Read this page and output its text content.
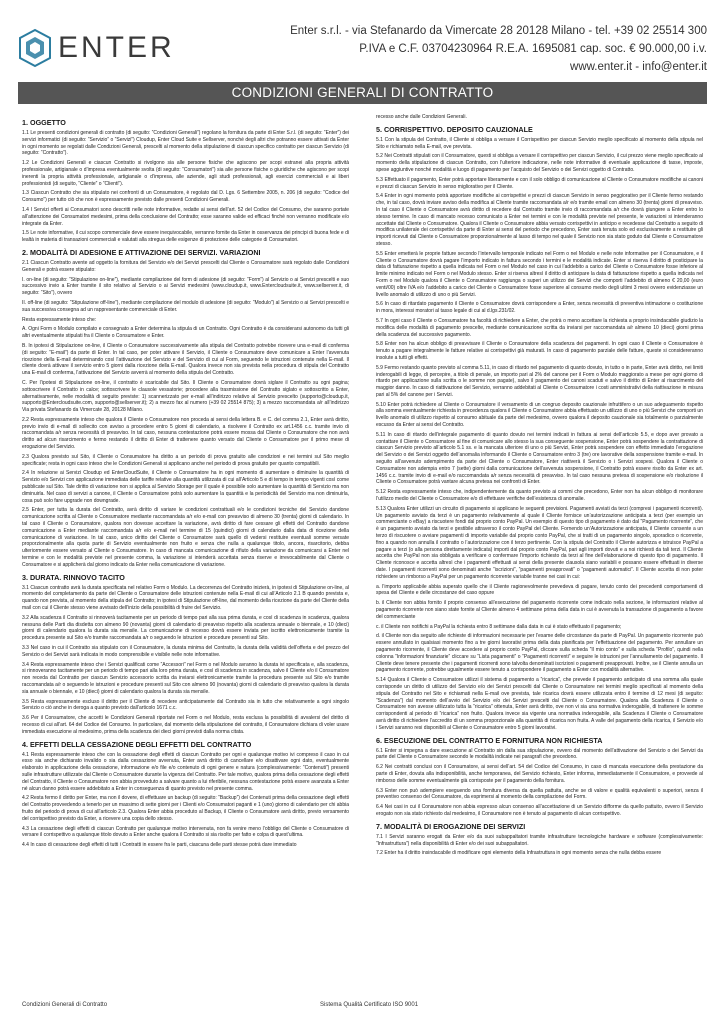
ENTER	Enter s.r.l. - via Stefanardo da Vimercate 28 20128 Milano - tel. +39 02 25514 300
P.IVA e C.F. 03704230964 R.E.A. 1695081 cap. soc. € 90.000,00 i.v.
www.enter.it - info@enter.it
CONDIZIONI GENERALI DI CONTRATTO
1. OGGETTO
1.1 Le presenti condizioni generali di contratto (di seguito: “Condizioni Generali”) regolano la fornitura da parte di Enter S.r.l. (di seguito: “Enter”) dei servizi informatici (di seguito: “Servizio” o “Servizi”) Cloudup, Enter Cloud Suite e Sellserver, nonché degli altri che potranno essere attivati da Enter in ogni momento se regolati dalle Condizioni Generali, prescelti al momento della stipulazione di ciascun specifico contratto per ciascun Servizio (di seguito: “Contratto”).
1.2 Le Condizioni Generali e ciascun Contratto si rivolgono sia alle persone fisiche che agiscono per scopi estranei alla propria attività professionale, artigianale o d’impresa eventualmente svolta (di seguito: “Consumatori”) sia alle persone fisiche o giuridiche che agiscono per scopi inerenti la propria attività professionale, artigianale o d’impresa, alle aziende, agli studi professionali, agli esercizi commerciali e ai liberi professionisti (di seguito, “Cliente” o “Clienti”).
1.3 Ciascun Contratto che sia stipulato nei confronti di un Consumatore, è regolato dal D. Lgs. 6 Settembre 2005, n. 206 (di seguito: “Codice del Consumo”) per tutto ciò che non è espressamente previsto dalle presenti Condizioni Generali.
1.4 I Servizi offerti ai Consumatori sono descritti nelle note informative, redatte ai sensi dell’art. 52 del Codice del Consumo, che saranno portate all’attenzione dei Consumatori medesimi, prima della conclusione del Contratto; esse saranno valide ed efficaci finché non verranno modificate e/o integrate da Enter.
1.5 Le note informative, il cui scopo commerciale deve essere inequivocabile, verranno fornite da Enter in osservanza dei principi di buona fede e di lealtà in materia di transazioni commerciali e valutati alla stregua delle esigenze di protezione delle categorie di Consumatori.
2. MODALITÀ DI ADESIONE E ATTIVAZIONE DEI SERVIZI. VARIAZIONI
2.1 Ciascun Contratto avente ad oggetto la fornitura del Servizio e/o dei Servizi prescelti dal Cliente o Consumatore sarà regolato dalle Condizioni Generali e potrà essere stipulato:
I. on-line (di seguito: “Stipulazione on-line”), mediante compilazione del form di adesione (di seguito: “Form”) al Servizio o ai Servizi prescelti e suo successivo invio a Enter tramite il sito relativo al Servizio o ai Servizi medesimi (www.cloudup.it, www.Entercloudsuite.it, www.sellserver.it, di seguito: “Sito”), ovvero
II. off-line (di seguito: “Stipulazione off-line”), mediante compilazione del modulo di adesione (di seguito: “Modulo”) al Servizio o ai Servizi prescelti e sua successiva consegna ad un rappresentante commerciale di Enter.
Resta espressamente inteso che:
A. Ogni Form o Modulo compilato e consegnato a Enter determina la stipula di un Contratto. Ogni Contratto è da considerarsi autonomo da tutti gli altri eventualmente stipulati fra il Cliente o Consumatore e Enter.
B. In ipotesi di Stipulazione on-line, il Cliente o Consumatore successivamente alla stipula del Contratto potrebbe ricevere una e-mail di conferma (di seguito: “E-mail”) da parte di Enter. In tal caso, per poter attivare il Servizio, il Cliente o Consumatore deve comunicare a Enter l’avvenuta ricezione della E-mail determinando così l’attivazione del Servizio e del Servizio di cui al Form, seguendo le istruzioni contenute nella E-mail. Il cliente dovrà attivare il servizio entro 5 giorni dalla ricezione della E-mail. Qualora invece non sia prevista nella procedura di stipula del Contratto una E-mail di conferma, l’attivazione del Servizio avverrà al momento della stipula del Contratto.
C. Per l’ipotesi di Stipulazione on-line, il contratto è scaricabile dal Sito. Il Cliente o Consumatore dovrà siglare il Contratto su ogni pagina; sottoscrivere il Contratto in calce; sottoscrivere le clausole vessatorie; procedere alla trasmissione del Contratto siglato e sottoscritto a Enter, alternativamente, nelle modalità di seguito previste: 1) scannerizzato per e-mail all’indirizzo relativo al Servizio prescelto (supporto@cloudup.it, supporto@Entercloudsuite.com, supporto@sellserver.it); 2) a mezzo fax al numero (+39 02 25514 875); 3) a mezzo raccomandata a/r all’indirizzo Via privata Stefanardo da Vimercate 28, 20128 Milano.
2.2 Resta espressamente inteso che qualora il Cliente o Consumatore non proceda ai sensi della lettera B. e C. del comma 2.1, Enter avrà diritto, previo invio di e-mail di sollecito con avviso a procedere entro 5 giorni di calendario, a risolvere il Contratto ex art.1456 c.c. tramite invio di raccomandata a/r senza necessità di preavviso. In tal caso, nessuna contestazione potrà essere mossa dal Cliente o Consumatore che non avrà diritto ad alcun risarcimento e fermo restando il diritto di Enter di trattenere quanto versato dal Cliente o Consumatore per il primo mese di erogazione del Servizio.
2.3 Qualora previsto sul Sito, il Cliente o Consumatore ha diritto a un periodo di prova gratuito alle condizioni e nei termini sul Sito meglio specificate; resta in ogni caso inteso che le Condizioni Generali si applicano anche nel periodo di prova gratuito per quanto compatibili.
2.4 In relazione ai Servizi Cloudup ed EnterCloudSuite, il Cliente o Consumatore ha in ogni momento di aumentare o diminuire la quantità di Servizio e/o Servizi con applicazione immediata delle tariffe relative alla quantità utilizzata di cui all’Articolo 5 e di tempo in tempo vigenti così come pubblicate sul Sito. Tale diritto di variazione non si applica al Servizio Storage per il quale è possibile solo aumentare la quantità di Servizio ma non diminuirla. Nel caso di servizi a canone, il Cliente o Consumatore potrà solo aumentare la quantità e la periodicità del Servizio ma non diminuirla, cosa può solo fare upgrade non downgrade.
2.5 Enter, per tutta la durata del Contratto, avrà diritto di variare le condizioni contrattuali e/o le condizioni tecniche del Servizio dandone comunicazione scritta al Cliente o Consumatore mediante raccomandata a/r e/o e-mail con preavviso di almeno 30 (trenta) giorni di calendario. In tal caso il Cliente o Consumatore, qualora non dovesse accettare la variazione, avrà diritto di fare cessare gli effetti del Contratto dandone comunicazione a Enter mediante raccomandata a/r e/o e-mail nel termine di 15 (quindici) giorni di calendario dalla data di ricezione della comunicazione di variazione. In tal caso, unico diritto del Cliente o Consumatore sarà quello di vedersi restituire eventuali somme versate proporzionalmente alla quota parte di Servizio eventualmente non fruito e senza che nulla a qualunque titolo, ancora, risarcitorio, debba ulteriormente essere versato al Cliente o Consumatore. In caso di mancata comunicazione di rifiuto della variazione da comunicarsi a Enter nel termine e con le modalità previste nel presente comma, la variazione si intenderà accettata senza riserve e irrevocabilmente dal Cliente o Consumatore e si applicherà dal giorno indicato da Enter nella comunicazione di variazione.
3. DURATA. RINNOVO TACITO
3.1 Ciascun contratto avrà la durata specificata nel relativo Form o Modulo. La decorrenza del Contratto inizierà, in ipotesi di Stipulazione on-line, al momento del completamento da parte del Cliente o Consumatore delle istruzioni contenute nella E-mail di cui all’Articolo 2.1 B quando prevista e, quando non prevista, al momento della stipula del Contratto; in ipotesi di Stipulazione off-line, dal momento della ricezione da parte del Cliente della mail con cui il Cliente stesso viene avvisato dell’inizio della possibilità di fruire del Servizio.
3.2 Alla scadenza il Contratto si rinnoverà tacitamente per un periodo di tempo pari alla sua prima durata, e così di scadenza in scadenza, qualora nessuna delle Parti dia disdetta con almeno 90 (novanta) giorni di calendario di preavviso rispetto alla scadenza annuale o biennale, e 10 (dieci) giorni di calendario qualora la durata sia mensile. La comunicazione di recesso dovrà essere inviata per iscritto elettronicamente tramite la procedura presente sul Sito e/o tramite raccomandata a/r o seguendo le istruzioni e procedure presenti sul Sito.
3.3 Nel caso in cui il Contratto sia stipulato con il Consumatore, la durata minima del Contratto, la durata della validità dell’offerta e del prezzo del Servizio o dei Servizi sarà indicata in modo comprensibile e visibile nelle note informative.
3.4 Resta espressamente inteso che i Servizi qualificati come “Accessori” nel Form o nel Modulo avranno la durata ivi specificata e, alla scadenza, si rinnoveranno tacitamente per un periodo di tempo pari alla loro prima durata, e così di scadenza in scadenza, salvo il Cliente e/o il Consumatore non receda dal Contratto per ciascun Servizio accessorio scritta da inviarsi elettronicamente tramite la procedura presente sul Sito e/o tramite raccomandata a/r o seguendo le istruzioni e procedure presenti sul Sito con almeno 90 (novanta) giorni di calendario di preavviso qualora la durata sia annuale o biennale, e 10 (dieci) giorni di calendario qualora la durata sia mensile.
3.5 Resta espressamente escluso il diritto per il Cliente di recedere anticipatamente dal Contratto sia in tutto che relativamente a ogni singolo Servizio o ciò anche in deroga a quanto previsto dall’articolo 1671 c.c.
3.6 Per il Consumatore, che accetti le Condizioni Generali riportate nel Form o nel Modulo, resta esclusa la possibilità di avvalersi del diritto di recesso di cui all’art. 64 del Codice del Consumo. In particolare, dal momento della stipulazione del contratto, il Consumatore dichiara di voler usare immediata esecuzione al medesimo, prima della scadenza dei dieci giorni previsti dalla norma citata.
4. EFFETTI DELLA CESSAZIONE DEGLI EFFETTI DEL CONTRATTO
4.1 Resta espressamente inteso che con la cessazione degli effetti di ciascun Contratto per ogni e qualunque motivo ivi compreso il caso in cui esso sia anche dichiarato invalido o sia dalla cessazione avvenuta, Enter avrà diritto di cancellare e/o disattivare ogni dato, eventualmente elaborato in applicazione della cessazione, informazione e/o file e/o contenuto di ogni genere e natura (complessivamente: “Contenuti”) presenti sulle infrastrutture utilizzate dal Cliente o Consumatore durante la vigenza del Contratto. Per tale motivo, qualora prima della cessazione degli effetti del Contratto, il Cliente o Consumatore non abbia provveduto a salvare quanto a lui riferibile, nessuna contestazione potrà essere avanzata a Enter né alcun danno potrà essere addebitato a Enter in conseguenza di quanto previsto nel presente comma.
4.2 Resta fermo il diritto per Enter, ma non il dovere, di effettuare un backup (di seguito: “Backup”) dei Contenuti prima della cessazione degli effetti del Contratto provvedendo a tenerlo per un massimo di sette giorni per i Clienti e/o Consumatori paganti e 1 (uno) giorno di calendario per chi abbia fruito del periodo di prova di cui all’articolo 2.3. Qualora Enter abbia proceduto al Backup, il Cliente o Consumatore avrà diritto, previo versamento del corrispettivo previsto da Enter, a ricevere una copia dello stesso.
4.3 La cessazione degli effetti di ciascun Contratto per qualunque motivo intervenuta, non fa venire meno l’obbligo del Cliente o Consumatore di versare il corrispettivo a qualunque titolo dovuto a Enter anche qualora il Contratto si sia risolto per fatto e colpa di quest’ultima.
4.4 In caso di cessazione degli effetti di tutti i Contratti in essere fra le parti, ciascuna delle parti stesse potrà dare immediato
recesso anche dalle Condizioni Generali.
5. CORRISPETTIVO. DEPOSITO CAUZIONALE
5.1 Con la stipula del Contratto, il Cliente si obbliga a versare il Corrispettivo per ciascun Servizio meglio specificato al momento della stipula nel Sito e richiamato nella E-mail, ove prevista.
5.2 Nei Contratti stipulati con il Consumatore, questi si obbliga a versare il corrispettivo per ciascun Servizio, il cui prezzo viene meglio specificato al momento della stipulazione di ciascun Contratto, con l’ulteriore indicazione, nelle note informative di eventuale applicazione di tasse, imposte, spese aggiuntive nonché modalità e luogo di pagamento per l’acquisto del Servizio o dei Servizi oggetto di Contratto.
5.3 Effettuato il pagamento, Enter potrà apportare liberamente e con il solo obbligo di comunicazione al Cliente o Consumatore modifiche ai canoni e prezzi di ciascun Servizio in senso migliorativo per il Cliente.
5.4 Enter in ogni momento potrà apportare modifiche ai corrispettivi e prezzi di ciascun Servizio in senso peggiorativo per il Cliente fermo restando che, in tal caso, dovrà inviare avviso della modifica al Cliente tramite raccomandata a/r e/o tramite email con almeno 30 (trenta) giorni di preavviso. In tal caso il Cliente o Consumatore avrà diritto di recedere dal Contratto tramite invio di raccomandata a/r che dovrà giungere a Enter entro lo stesso termine. In caso di mancato recesso comunicato a Enter nei termini e con le modalità previste nel presente, le variazioni si intenderanno accettate dal Cliente o Consumatore. Qualora il Cliente o Consumatore abbia versato corrispettivi in anticipo e recedesse dal Contratto a seguito di modifica unilaterale dei corrispettivi da parte di Enter ai sensi del periodo che precedono, Enter sarà tenuta solo ed esclusivamente a restituire gli importi ricevuti dal Cliente o Consumatore proporzionalmente al lasso di tempo nel quale il Servizio non sia stato goduto dal Cliente o Consumatore stesso.
5.5 Enter emetterà le proprie fatture secondo l’intervallo temporale indicato nel Form o nel Modulo e nelle note informative per il Consumatore, e il Cliente o Consumatore dovrà pagare l’importo indicato in fattura secondo i termini e le modalità indicate. Enter si riserva il diritto di posticipare la data di fatturazione rispetto a quella indicata nel Form o nel Modulo nel caso in cui l’addebito a carico del Cliente o Consumatore fosse inferiore al limite minimo indicato nel Form o nel Modulo stesso. Enter si riserva altresì il diritto di anticipare la data di fatturazione rispetto a quella indicata nel Form o nel Modulo qualora il Cliente o Consumatore raggiunga o superi un utilizzo dei Servizi che comporti l’addebito di almeno € 20,00 (euro venti/00) oltre IVA e/o l’addebito a carico del Cliente o Consumatore fosse superiore al consumo medio degli ultimi 3 mesi ovvero evidenziasse un livello anomalo di utilizzo di uno o più Servizi.
5.6 In caso di ritardato pagamento il Cliente o Consumatore dovrà corrispondere a Enter, senza necessità di preventiva intimazione o costituzione in mora, interessi moratori al tasso legale di cui al d.lgs.231/02.
5.7 In ogni caso il Cliente o Consumatore ha facoltà di richiedere a Enter, che potrà o meno accettare la richiesta a proprio insindacabile giudizio la modifica delle modalità di pagamento prescelte, mediante comunicazione scritta da inviarsi per raccomandata a/r almeno 10 (dieci) giorni prima della scadenza del successivo pagamento.
5.8 Enter non ha alcun obbligo di preavvisare il Cliente o Consumatore della scadenza dei pagamenti. In ogni caso il Cliente o Consumatore è tenuto a pagare integralmente le fatture relative ai corrispettivi già maturati. In caso di pagamento parziale delle fatture, queste si considereranno insolute a tutti gli effetti.
5.9 Fermo restando quanto previsto al comma 5.11, in caso di ritardo nel pagamento di quanto dovuto, in tutto o in parte, Enter avrà diritto, nei limiti inderogabili di legge, di percepire, a titolo di penale, un importo pari al 2% del canone per il Form o Modulo maggiorato a mese per ogni giorno di ritardo per applicazione sulla scritta o le somme non pagate), salvo il pagamento dei canoni scaduti e salvo il diritto di Enter al risarcimento del maggior danno. In caso di riattivazione del Servizio, verranno addebitati al Cliente o Consumatore i costi amministrativi della riattivazione in misura pari al 5% del canone per i Servizi.
5.10 Enter potrà richiedere al Cliente o Consumatore il versamento di un congruo deposito cauzionale infruttifero o un suo adeguamento rispetto alla somma eventualmente richiesta in precedenza qualora il Cliente o Consumatore abbia effettuato un utilizzo di uno o più Servizi che comporti un livello anomalo di utilizzo rispetto al consumo abituale da parte del medesimo, ovvero qualora il deposito cauzionale sia totalmente o parzialmente escusso da Enter ai sensi del Contratto.
5.11 In caso di ritardo dell’integrale pagamento di quanto dovuto nei termini indicati in fattura ai sensi dell’articolo 5.5, e dopo aver provato a contattare il Cliente o Consumatore al fine di comunicare allo stesso la sua conseguente sospensione, Enter potrà sospendere la contrattazione di ciascun Servizio previsto all’articolo 5.1 ss. e la mancata ulteriore di uno o più Servizi, Enter potrà sospendere con effetto immediato l’erogazione del Servizio o dei Servizi oggetto dell’anomalia informando il Cliente o Consumatore entro 3 (tre) ore lavorative della sospensione tramite e-mail. In seguito all’avvenuto adempimento da parte del Cliente o Consumatore, Enter riattiverà il Servizio o i Servizi sospesi. Qualora il Cliente o Consumatore non adempia entro 7 (sette) giorni dalla comunicazione dell’avvenuta sospensione, il Contratto potrà essere risolto da Enter ex art. 1456 c.c. tramite invio di e-mail e/o raccomandata a/r senza necessità di preavviso. In tal caso nessuna pretesa di sospensione e/o risoluzione il Cliente o Consumatore potrà vantare alcuna pretesa nei confronti di Enter.
5.12 Resta espressamente inteso che, indipendentemente da quanto previsto ai commi che precedono, Enter non ha alcun obbligo di monitorare l’utilizzo medio del Cliente o Consumatore e/o di effettuare verifiche dell’esistenza di anomalie.
5.13 Qualora Enter utilizzi un circuito di pagamento si applicano le seguenti previsioni. Pagamenti avviati da terzi (compresi i pagamenti ricorrenti). Un pagamento avviato da terzi è un pagamento relativamente al quale il Cliente fornisce un’autorizzazione anticipata a terzi (per esempio un commerciante o eBay) a riscuotere fondi dal proprio conto PayPal. Un esempio di questo tipo di pagamento è dato dal “Pagamento ricorrente”, che è un pagamento avviato da terzi e gestibile attraverso il conto PayPal del Cliente. Fornendo un’Autorizzazione anticipata, il Cliente consente a un terzo di riscuotere o avviare pagamenti di importo variabile dal proprio conto PayPal, che si tratti di un pagamento singolo, sporadico o ricorrente, fino a quando non annulla il contratto o l’autorizzazione con il terzo pertinente. Con la stipula del Contratto il Cliente autorizza e istruisce PayPal a pagare a terzi (o alla persona direttamente indicata) importi dal proprio conto PayPal, pari agli importi dovuti e a noi richiesti da tali terzi. Il Cliente accetta che PayPal non sia obbligata a verificare o confermare l’importo richiesto da terzi al fine dell’elaborazione di questo tipo di pagamento. Il Cliente riconosce e accetta altresì che i pagamenti effettuati ai sensi della presente clausola siano variabili e possano essere effettuati in diverse date. I pagamenti ricorrenti sono denominati anche “iscrizioni”, “pagamenti preapprovati” o “pagamenti automatici”. Il Cliente accetta di non poter richiedere un rimborso a PayPal per un pagamento ricorrente variabile tranne nei casi in cui:
a. l’importo applicabile abbia superato quello che il Cliente ragionevolmente prevedeva di pagare, tenuto conto dei precedenti comportamenti di spesa del Cliente e delle circostanze del caso oppure
b. il Cliente non abbia fornito il proprio consenso all’esecuzione del pagamento ricorrente come indicato nella sezione, le informazioni relative al pagamento ricorrente non siano state fornite al Cliente almeno 4 settimane prima della data in cui è avvenuta la transazione di pagamento a favore del commerciante
c. il Cliente non notifichi a PayPal la richiesta entro 8 settimane dalla data in cui è stato effettuato il pagamento;
d. il Cliente non dia seguito alle richieste di informazioni necessarie per l’esame delle circostanze da parte di PayPal. Un pagamento ricorrente può essere annullato in qualsiasi momento fino a tre giorni lavorativi prima della data pianificata per l’effettuazione del pagamento. Per annullare un pagamento ricorrente, il Cliente deve accedere al proprio conto PayPal, cliccare sulla scheda “Il mio conto” e sulla scheda “Profilo”, quindi nella colonna “Informazioni finanziarie” cliccare su “Lista pagamenti” o “Pagamenti ricorrenti” e seguire le istruzioni per l’annullamento del pagamento. Il Cliente deve tenere presente che i pagamenti ricorrenti sono talvolta denominati iscrizioni o pagamenti preapprovati. Inoltre, se il Cliente annulla un pagamento ricorrente, potrebbe ugualmente essere tenuto a corrispondere il pagamento a Enter con modalità alternative.
5.14 Qualora il Cliente o Consumatore utilizzi il sistema di pagamento a “ricarica”, che prevede il pagamento anticipato di una somma alla quale corrisponde un diritto di utilizzo del Servizio e/o dei Servizi prescelti dal Cliente o Consumatore nei termini meglio specificati al momento della stipula del Contratto nel Sito e richiamati nella E-mail ove prevista, tale ricarica dovrà essere utilizzata entro il termine di 12 mesi (di seguito: “Scadenza”) dal momento dell’avvio del Servizio e/o dei Servizi prescelti dal Cliente o Consumatore. Qualora alla Scadenza il Cliente o Consumatore non avesse utilizzato tutta la “ricarica” ottenuta, Enter avrà diritto, ove non vi sia una normativa inderogabile, di trattenere le somme corrispondenti al periodo di “ricarica” non fruito. Qualora invece sia vigente una normativa inderogabile, alla Scadenza il Cliente o Consumatore avrà diritto di richiedere l’accredito di un somma proporzionale alla quantità di ricarica non fruita. A valle del pagamento della ricarica, il Servizio e/o i Servizi saranno resi disponibili al Cliente o Consumatore entro 5 giorni lavorativi.
6. ESECUZIONE DEL CONTRATTO E FORNITURA NON RICHIESTA
6.1 Enter si impegna a dare esecuzione al Contratto sin dalla sua stipulazione, ovvero dal momento dell’attivazione del Servizio o dei Servizi da parte del Cliente o Consumatore secondo le modalità indicate nei paragrafi che precedono.
6.2 Nei contratti conclusi con il Consumatore, ai sensi dell’art. 54 del Codice del Consumo, in caso di mancata esecuzione della prestazione da parte di Enter, dovuta alla indisponibilità, anche temporanea, del Servizio richiesto, Enter informa, immediatamente il Consumatore, e provvede al rimborso delle somme eventualmente già corrisposte per il pagamento della fornitura.
6.3 Enter non può adempiere eseguendo una fornitura diversa da quella pattuita, anche se di valore e qualità equivalenti o superiori, senza il preventivo consenso del Consumatore, da esprimersi al momento della compilazione del Form.
6.4 Nei casi in cui il Consumatore non abbia espresso alcun consenso all’accettazione di un Servizio difforme da quello pattuito, ovvero il Servizio erogato non sia stato richiesto dal medesimo, il Consumatore non è tenuto al pagamento di alcun corrispettivo.
7. MODALITÀ DI EROGAZIONE DEI SERVIZI
7.1 I Servizi saranno erogati da Enter e/o da suoi subappaltatori tramite infrastrutture tecnologiche hardware e software (complessivamente: “Infrastruttura”) nella disponibilità di Enter e/o dei suoi subappaltatori.
7.2 Enter ha il diritto insindacabile di modificare ogni elemento della Infrastruttura in ogni momento senza che nulla debba essere
Condizioni Generali di Contratto	Sistema Qualità Certificato ISO 9001
